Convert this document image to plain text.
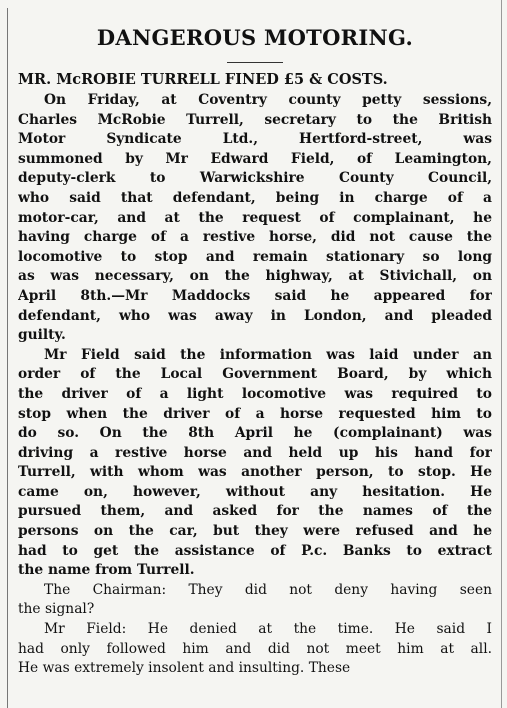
DANGEROUS MOTORING.
MR. McROBIE TURRELL FINED £5 & COSTS.
On Friday, at Coventry county petty sessions,
Charles McRobie Turrell, secretary to the British
Motor Syndicate Ltd., Hertford-street, was
summoned by Mr Edward Field, of Leamington,
deputy-clerk to Warwickshire County Council,
who said that defendant, being in charge of a
motor-car, and at the request of complainant, he
having charge of a restive horse, did not cause the
locomotive to stop and remain stationary so long
as was necessary, on the highway, at Stivichall, on
April 8th.—Mr Maddocks said he appeared for
defendant, who was away in London, and pleaded
guilty.
Mr Field said the information was laid under an
order of the Local Government Board, by which
the driver of a light locomotive was required to
stop when the driver of a horse requested him to
do so. On the 8th April he (complainant) was
driving a restive horse and held up his hand for
Turrell, with whom was another person, to stop. He
came on, however, without any hesitation. He
pursued them, and asked for the names of the
persons on the car, but they were refused and he
had to get the assistance of P.c. Banks to extract
the name from Turrell.
The Chairman: They did not deny having seen
the signal?
Mr Field: He denied at the time. He said I
had only followed him and did not meet him at all.
He was extremely insolent and insulting. These
